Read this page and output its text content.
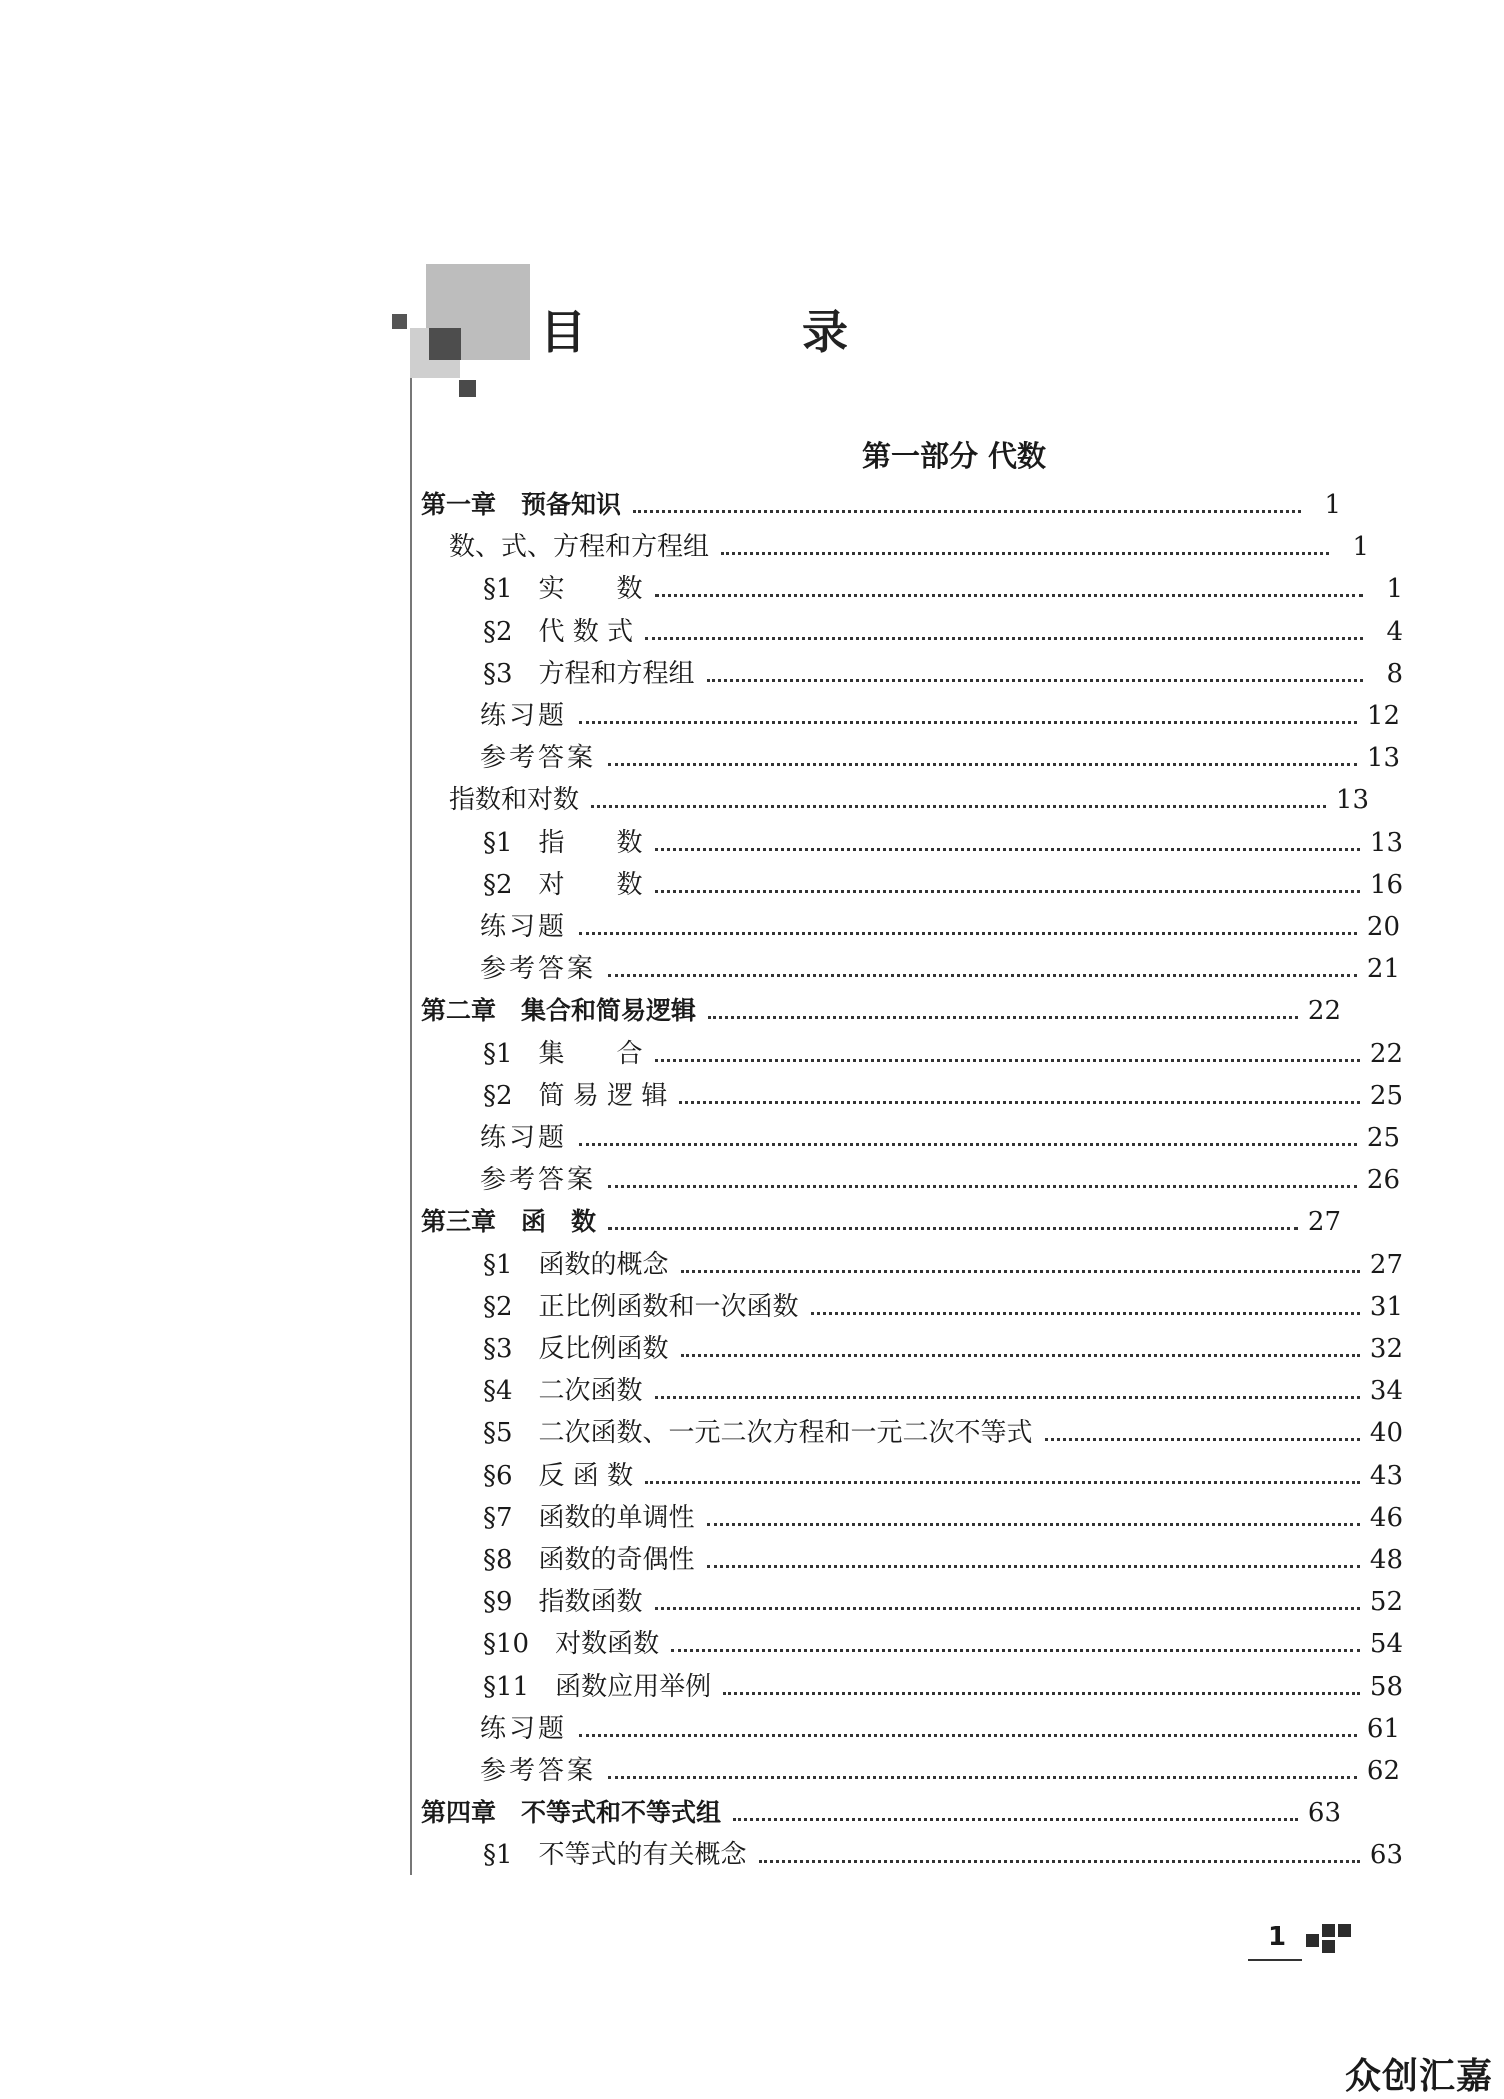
目 录
第一部分 代数
第一章　预备知识	1
数、式、方程和方程组	1
§1　实　　数	1
§2　代 数 式	4
§3　方程和方程组	8
练习题	12
参考答案	13
指数和对数	13
§1　指　　数	13
§2　对　　数	16
练习题	20
参考答案	21
第二章　集合和简易逻辑	22
§1　集　　合	22
§2　简 易 逻 辑	25
练习题	25
参考答案	26
第三章　函　数	27
§1　函数的概念	27
§2　正比例函数和一次函数	31
§3　反比例函数	32
§4　二次函数	34
§5　二次函数、一元二次方程和一元二次不等式	40
§6　反 函 数	43
§7　函数的单调性	46
§8　函数的奇偶性	48
§9　指数函数	52
§10　对数函数	54
§11　函数应用举例	58
练习题	61
参考答案	62
第四章　不等式和不等式组	63
§1　不等式的有关概念	63
1
众创汇嘉
